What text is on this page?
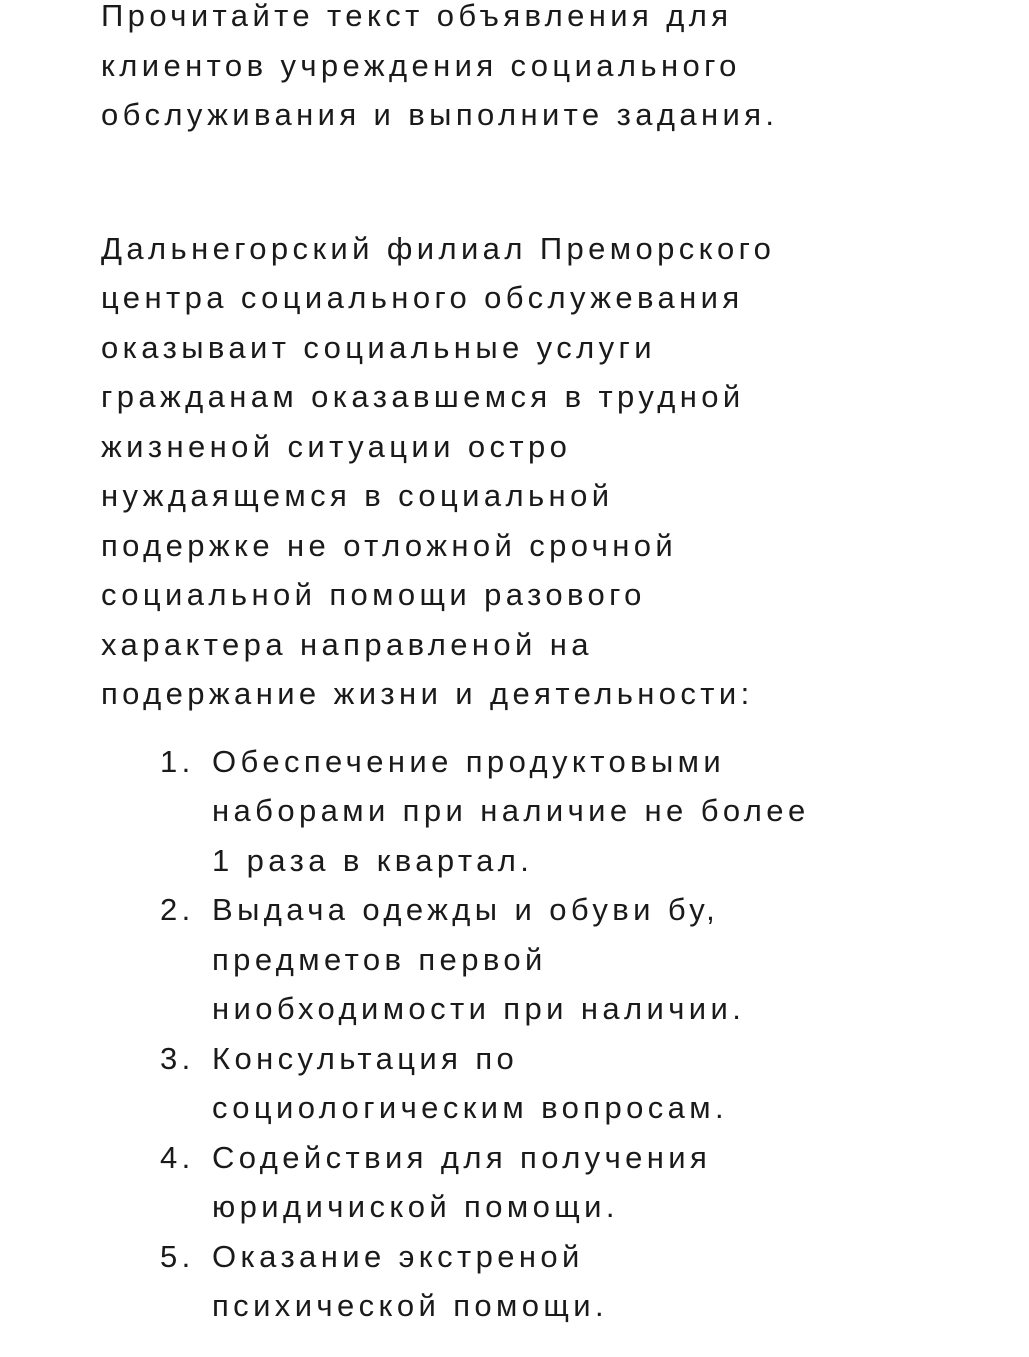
Прочитайте текст объявления для
клиентов учреждения социального
обслуживания и выполните задания.

Дальнегорский филиал Преморского
центра социального обслужевания
оказываит социальные услуги
гражданам оказавшемся в трудной
жизненой ситуации остро
нуждаящемся в социальной
подержке не отложной срочной
социальной помощи разового
характера направленой на
подержание жизни и деятельности:

1. Обеспечение продуктовыми
наборами при наличие не более
1 раза в квартал.
2. Выдача одежды и обуви бу,
предметов первой
ниобходимости при наличии.
3. Консультация по
социологическим вопросам.
4. Содействия для получения
юридичиской помощи.
5. Оказание экстреной
психической помощи.
